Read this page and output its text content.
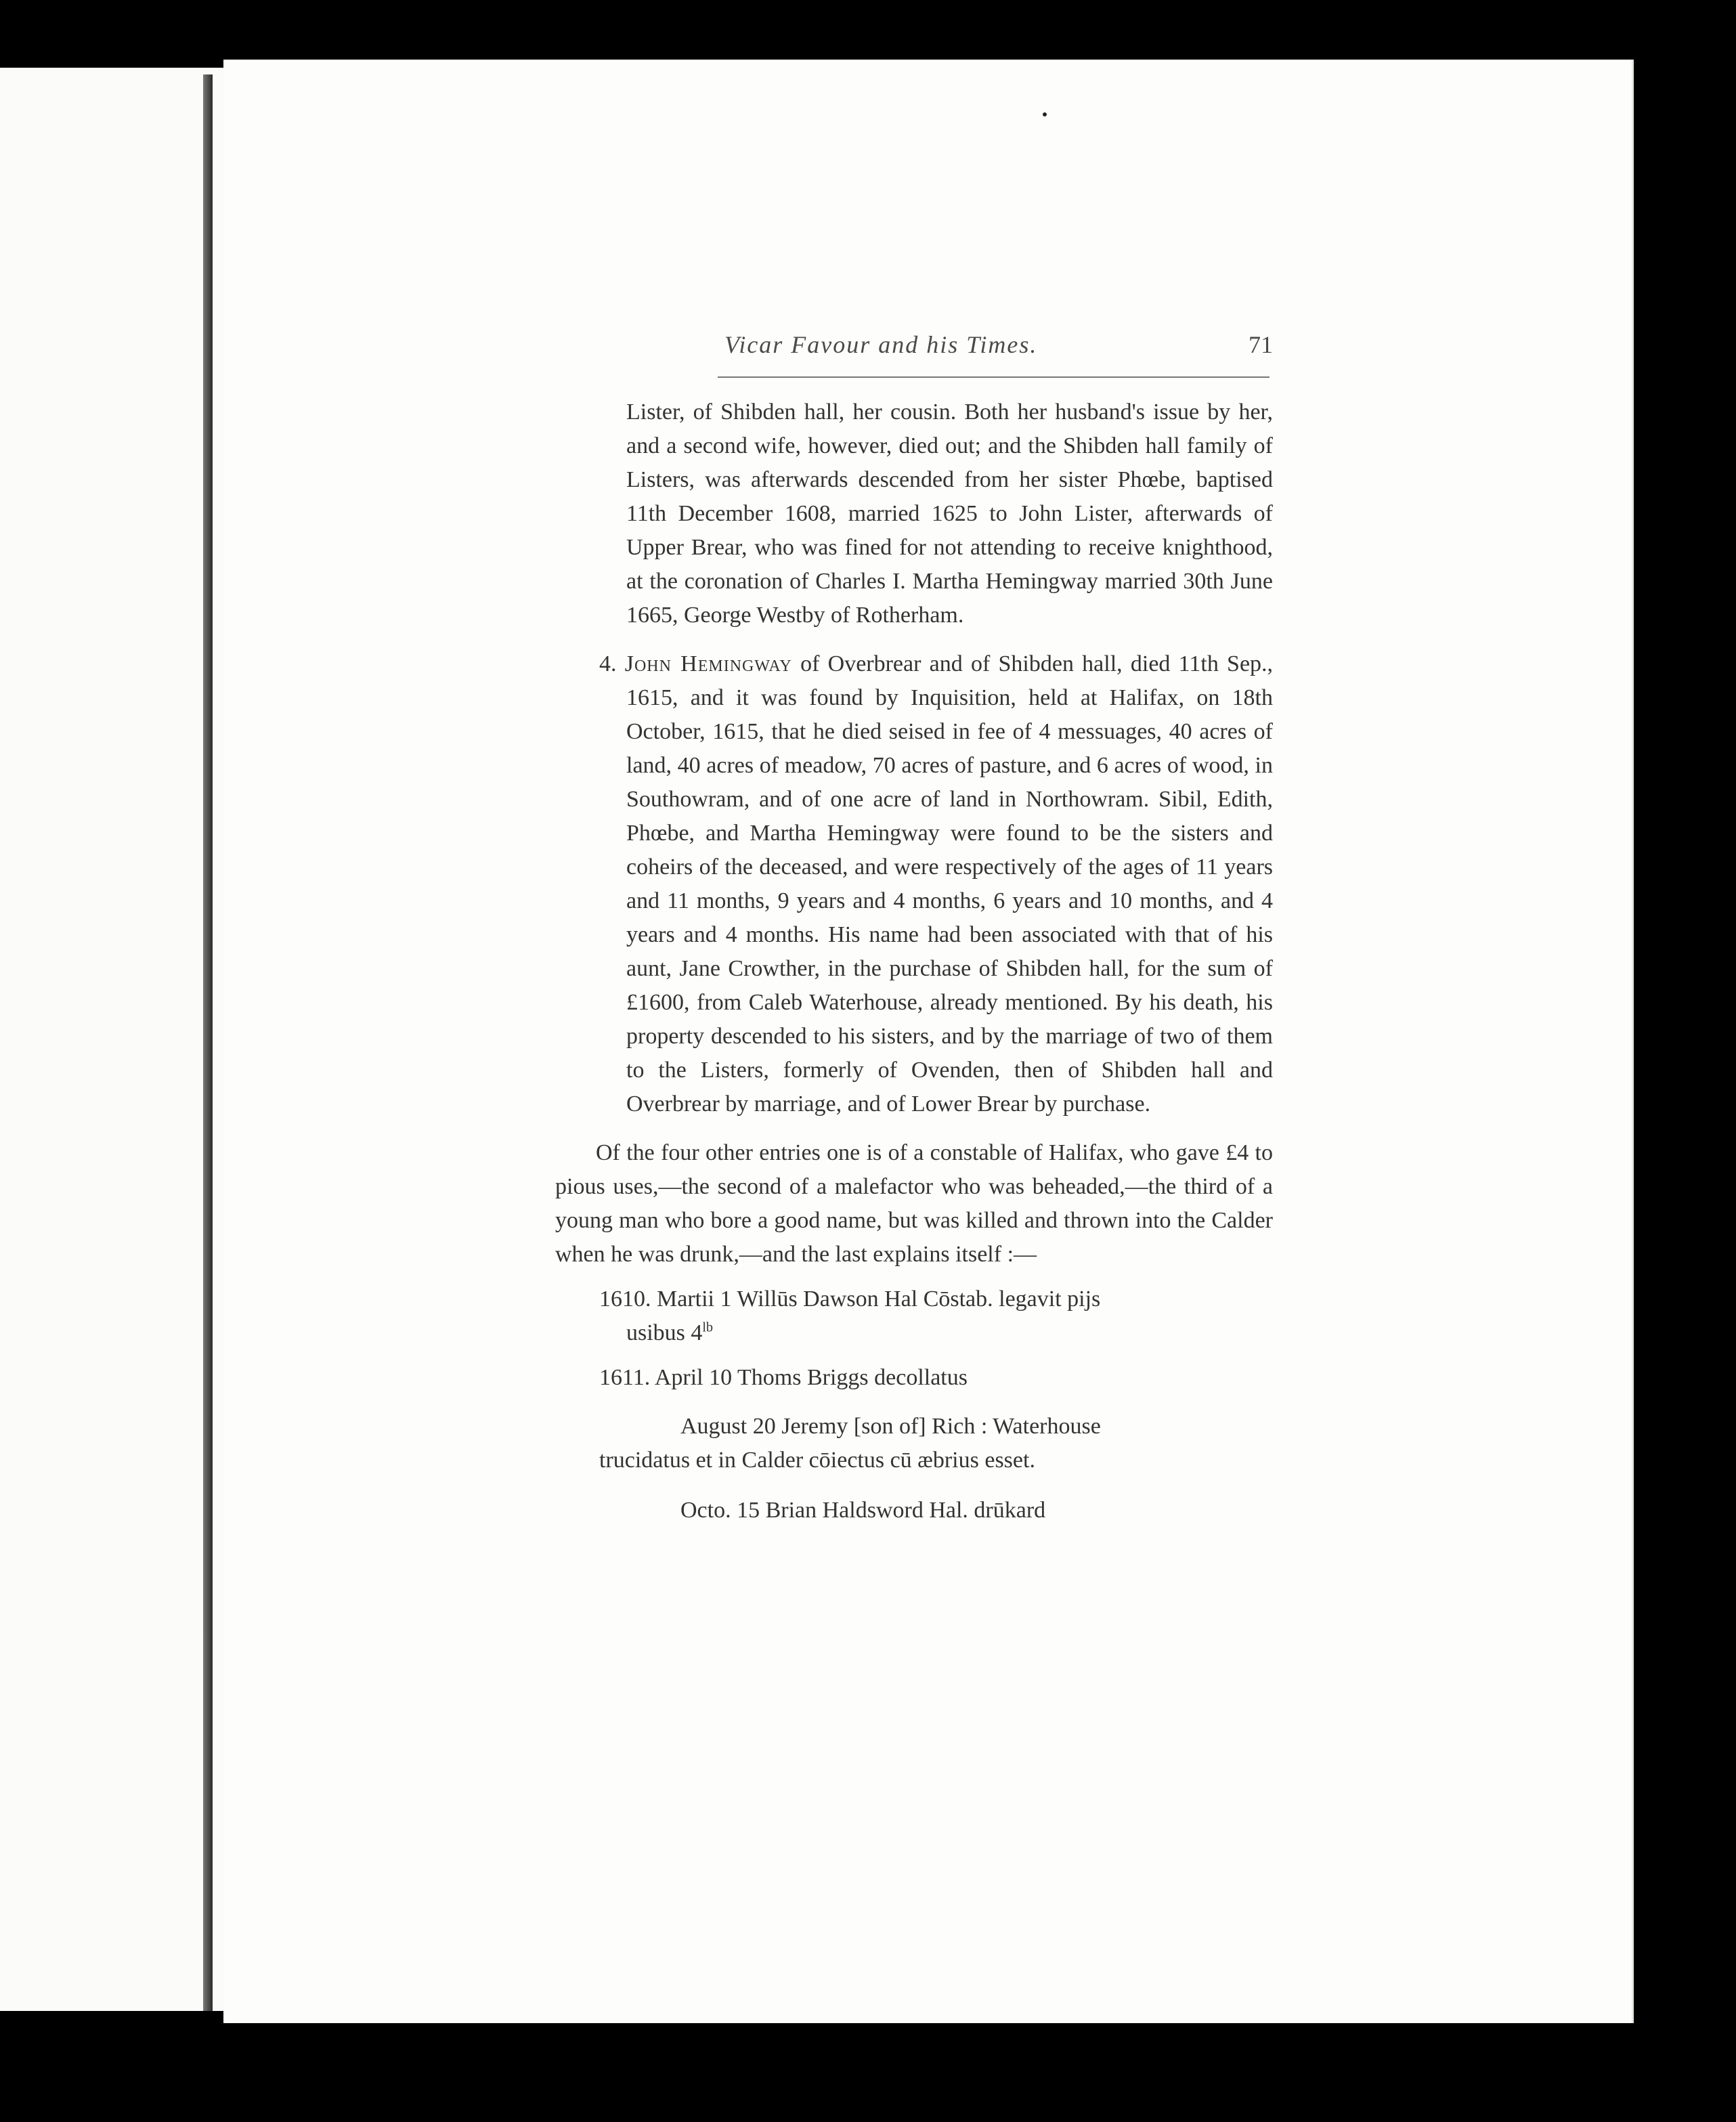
Vicar Favour and his Times.	71
Lister, of Shibden hall, her cousin. Both her husband's issue by her, and a second wife, however, died out; and the Shibden hall family of Listers, was afterwards descended from her sister Phœbe, baptised 11th December 1608, married 1625 to John Lister, afterwards of Upper Brear, who was fined for not attending to receive knighthood, at the coronation of Charles I. Martha Hemingway married 30th June 1665, George Westby of Rotherham.
4. John Hemingway of Overbrear and of Shibden hall, died 11th Sep., 1615, and it was found by Inquisition, held at Halifax, on 18th October, 1615, that he died seised in fee of 4 messuages, 40 acres of land, 40 acres of meadow, 70 acres of pasture, and 6 acres of wood, in Southowram, and of one acre of land in Northowram. Sibil, Edith, Phœbe, and Martha Hemingway were found to be the sisters and coheirs of the deceased, and were respectively of the ages of 11 years and 11 months, 9 years and 4 months, 6 years and 10 months, and 4 years and 4 months. His name had been associated with that of his aunt, Jane Crowther, in the purchase of Shibden hall, for the sum of £1600, from Caleb Waterhouse, already mentioned. By his death, his property descended to his sisters, and by the marriage of two of them to the Listers, formerly of Ovenden, then of Shibden hall and Overbrear by marriage, and of Lower Brear by purchase.
Of the four other entries one is of a constable of Halifax, who gave £4 to pious uses,—the second of a malefactor who was beheaded,—the third of a young man who bore a good name, but was killed and thrown into the Calder when he was drunk,—and the last explains itself :—
1610. Martii 1 Willūs Dawson Hal Cōstab. legavit pijs
usibus $4^{lb}$
1611. April 10 Thoms Briggs decollatus
August 20 Jeremy [son of] Rich : Waterhouse
trucidatus et in Calder cōiectus cū æbrius esset.
Octo. 15 Brian Haldsword Hal. drūkard
